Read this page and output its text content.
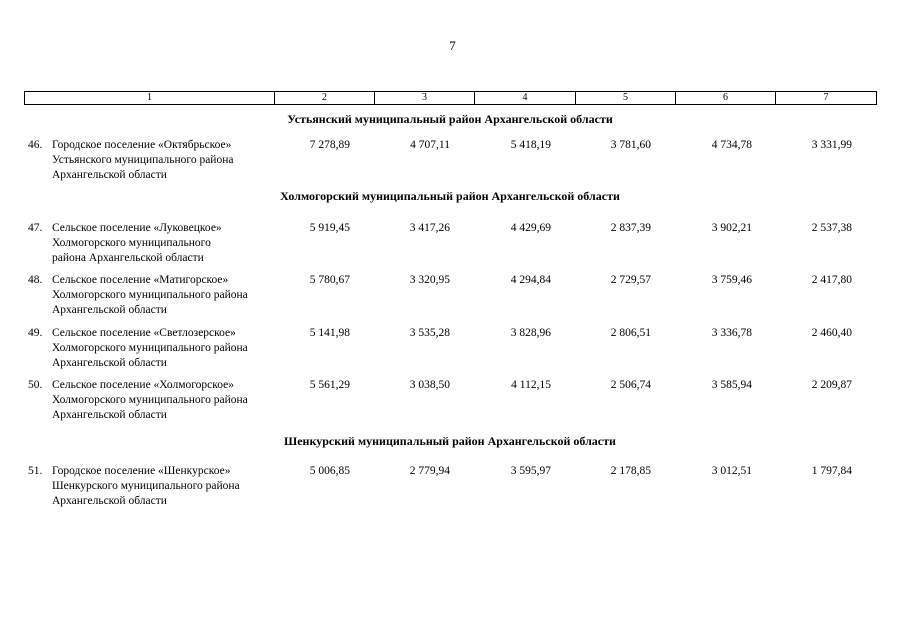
7
1	2	3	4	5	6	7
Устьянский муниципальный район Архангельской области
46. Городское поселение «Октябрьское»
Устьянского муниципального района
Архангельской области
7 278,89	4 707,11	5 418,19	3 781,60	4 734,78	3 331,99
Холмогорский муниципальный район Архангельской области
47. Сельское поселение «Луковецкое»
Холмогорского муниципального
района Архангельской области
5 919,45	3 417,26	4 429,69	2 837,39	3 902,21	2 537,38
48. Сельское поселение «Матигорское»
Холмогорского муниципального района
Архангельской области
5 780,67	3 320,95	4 294,84	2 729,57	3 759,46	2 417,80
49. Сельское поселение «Светлозерское»
Холмогорского муниципального района
Архангельской области
5 141,98	3 535,28	3 828,96	2 806,51	3 336,78	2 460,40
50. Сельское поселение «Холмогорское»
Холмогорского муниципального района
Архангельской области
5 561,29	3 038,50	4 112,15	2 506,74	3 585,94	2 209,87
Шенкурский муниципальный район Архангельской области
51. Городское поселение «Шенкурское»
Шенкурского муниципального района
Архангельской области
5 006,85	2 779,94	3 595,97	2 178,85	3 012,51	1 797,84
